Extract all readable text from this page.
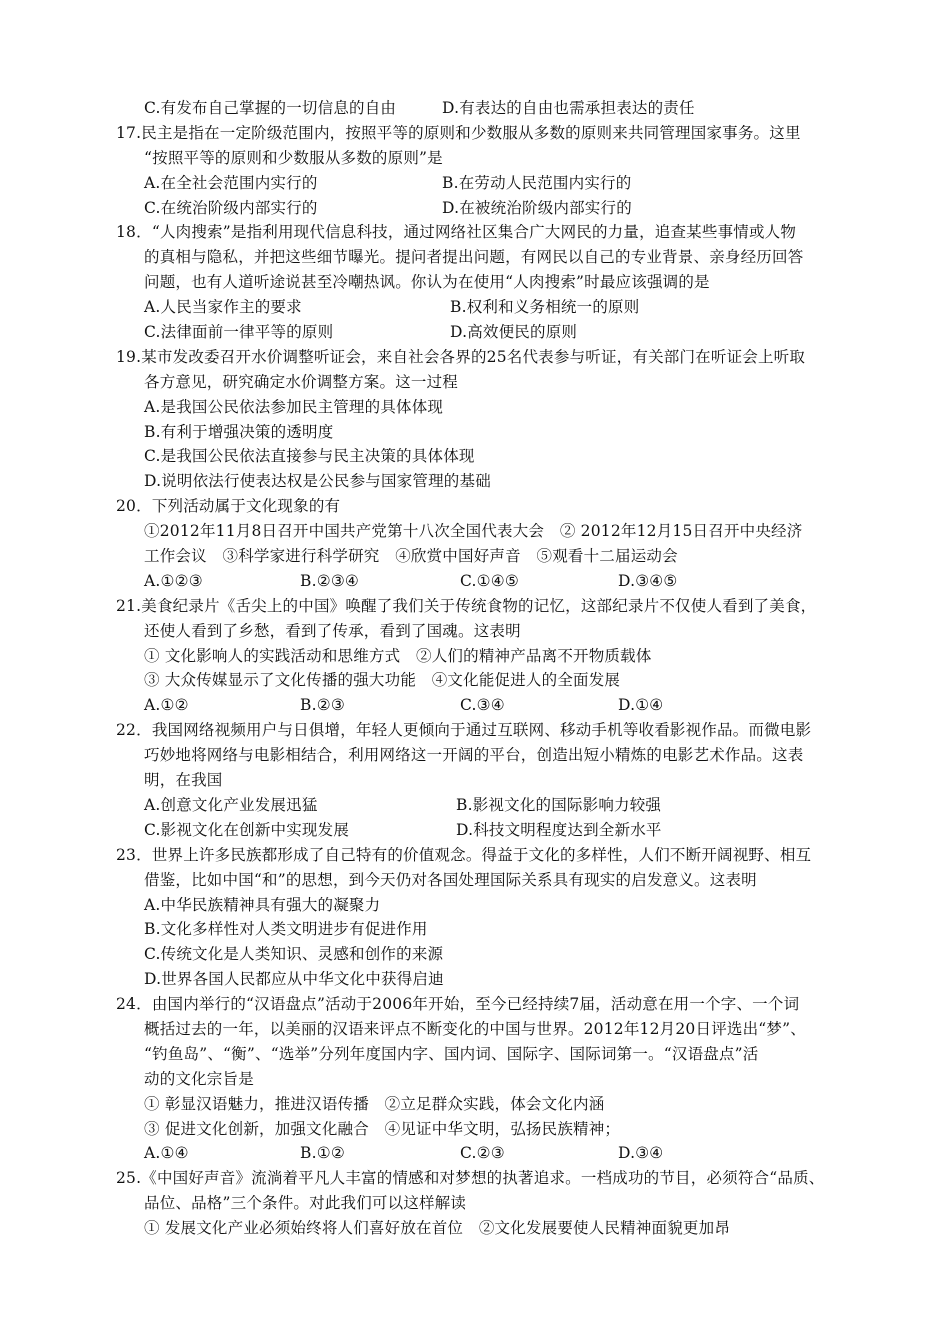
C.有发布自己掌握的一切信息的自由	D.有表达的自由也需承担表达的责任
17.民主是指在一定阶级范围内，按照平等的原则和少数服从多数的原则来共同管理国家事务。这里
“按照平等的原则和少数服从多数的原则”是
A.在全社会范围内实行的	B.在劳动人民范围内实行的
C.在统治阶级内部实行的	D.在被统治阶级内部实行的
18．“人肉搜索”是指利用现代信息科技，通过网络社区集合广大网民的力量，追查某些事情或人物
的真相与隐私，并把这些细节曝光。提问者提出问题，有网民以自己的专业背景、亲身经历回答
问题，也有人道听途说甚至冷嘲热讽。你认为在使用“人肉搜索”时最应该强调的是
A.人民当家作主的要求	B.权利和义务相统一的原则
C.法律面前一律平等的原则	D.高效便民的原则
19.某市发改委召开水价调整听证会，来自社会各界的25名代表参与听证，有关部门在听证会上听取
各方意见，研究确定水价调整方案。这一过程
A.是我国公民依法参加民主管理的具体体现
B.有利于增强决策的透明度
C.是我国公民依法直接参与民主决策的具体体现
D.说明依法行使表达权是公民参与国家管理的基础
20．下列活动属于文化现象的有
①2012年11月8日召开中国共产党第十八次全国代表大会　② 2012年12月15日召开中央经济
工作会议　③科学家进行科学研究　④欣赏中国好声音　⑤观看十二届运动会
A.①②③	B.②③④	C.①④⑤	D.③④⑤
21.美食纪录片《舌尖上的中国》唤醒了我们关于传统食物的记忆，这部纪录片不仅使人看到了美食，
还使人看到了乡愁，看到了传承，看到了国魂。这表明
① 文化影响人的实践活动和思维方式　②人们的精神产品离不开物质载体
③ 大众传媒显示了文化传播的强大功能　④文化能促进人的全面发展
A.①②	B.②③	C.③④	D.①④
22．我国网络视频用户与日俱增，年轻人更倾向于通过互联网、移动手机等收看影视作品。而微电影
巧妙地将网络与电影相结合，利用网络这一开阔的平台，创造出短小精炼的电影艺术作品。这表
明，在我国
A.创意文化产业发展迅猛	B.影视文化的国际影响力较强
C.影视文化在创新中实现发展	D.科技文明程度达到全新水平
23．世界上许多民族都形成了自己特有的价值观念。得益于文化的多样性，人们不断开阔视野、相互
借鉴，比如中国“和”的思想，到今天仍对各国处理国际关系具有现实的启发意义。这表明
A.中华民族精神具有强大的凝聚力
B.文化多样性对人类文明进步有促进作用
C.传统文化是人类知识、灵感和创作的来源
D.世界各国人民都应从中华文化中获得启迪
24．由国内举行的“汉语盘点”活动于2006年开始，至今已经持续7届，活动意在用一个字、一个词
概括过去的一年，以美丽的汉语来评点不断变化的中国与世界。2012年12月20日评选出“梦”、
“钓鱼岛”、“衡”、“选举”分列年度国内字、国内词、国际字、国际词第一。“汉语盘点”活
动的文化宗旨是
① 彰显汉语魅力，推进汉语传播　②立足群众实践，体会文化内涵
③ 促进文化创新，加强文化融合　④见证中华文明，弘扬民族精神；
A.①④	B.①②	C.②③	D.③④
25.《中国好声音》流淌着平凡人丰富的情感和对梦想的执著追求。一档成功的节目，必须符合“品质、
品位、品格”三个条件。对此我们可以这样解读
① 发展文化产业必须始终将人们喜好放在首位　②文化发展要使人民精神面貌更加昂
